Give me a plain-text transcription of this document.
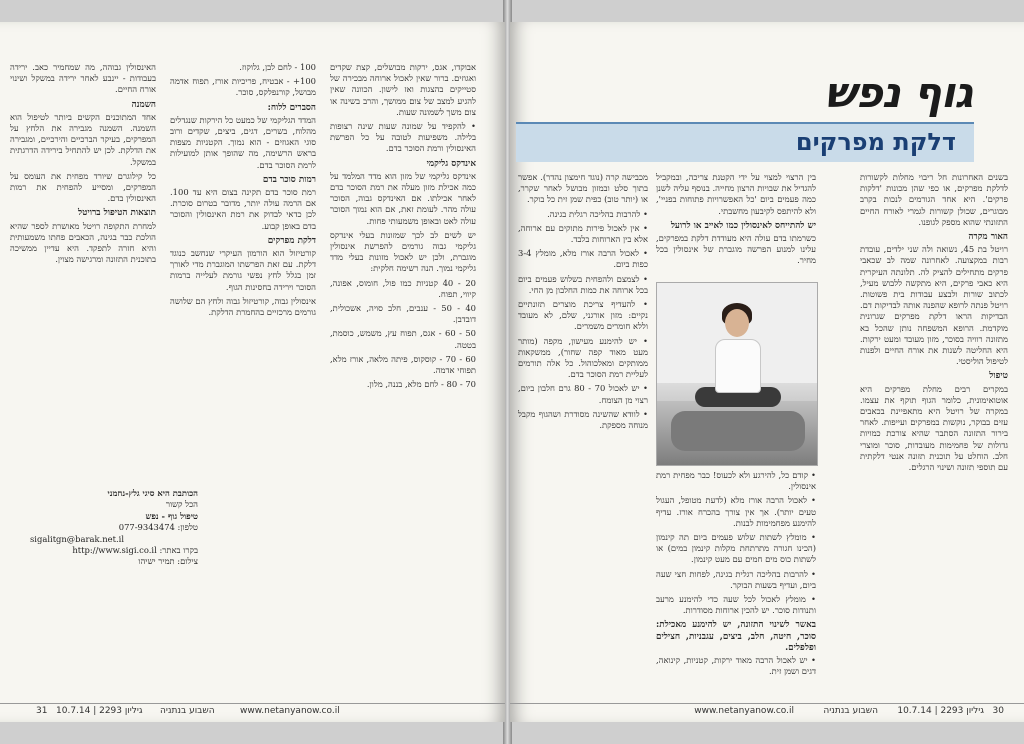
האינסולין גבוהה, מה שמחמיר כאב. ירידה בעבודות - יינבע לאחר ירידה במשקל ושינוי אורח החיים.

השמנה

אחד המתוכנים הקשים ביותר לטיפול הוא השמנה. השמנה מגבירה את הלחץ על המפרקים, בעיקר הברכיים והירכיים, ומגבירה את הדלקת. לכן יש להתחיל בירידה הדרגתית במשקל.

כל קילוגרם שיורד מפחית את העומס על המפרקים, ומסייע להפחית את רמות האינסולין בדם.

תוצאות הטיפול ברויטל

למחרת התקופה רויטל מאושרת לספר שהיא הולכת כבר בגינה, הכאבים פחתו משמעותית והיא חזרה לתפקד. היא עדיין ממשיכה בתוכנית התזונה ומרגישה מצוין.

100 - לחם לבן, גלוקוז.

100+ - אבטיח, פריכיות אורז, תפוח אדמה מבושל, קורנפלקס, סוכר.

הסברים ללוח:

המדד הגליקמי של כמעט כל הירקות שנגדלים מהלוח, בשרים, דגים, ביצים, שקדים ורוב סוגי האגוזים - הוא נמוך. הקטניות מצפות בראש הרשימה, מה שהופך אותן למועילות לרמת הסוכר בדם.

רמות סוכר בדם

רמת סוכר בדם תקינה בצום היא עד 100. אם הרמה עולה יותר, מדובר בטרום סוכרת. לכן כדאי לבדוק את רמת האינסולין והסוכר בדם באופן קבוע.

דלקת מפרקים

קורטיזול הוא הורמון העיקרי שנחשב כנוגד דלקת. עם זאת הפרשתו המוגברת מדי לאורך זמן בגלל לחץ נפשי גורמת לעלייה ברמות הסוכר וירידה בחסינות הגוף.

אינסולין גבוה, קורטיזול גבוה ולחץ הם שלושה גורמים מרכזיים בהחמרת הדלקת.

אבוקדו, אגס, ירקות מבושלים, קצת שקדים ואגוזים. ברור שאין לאכול ארוחה מבכירה של סטייקים בהצגות ואז לישון. הכוונה שאין להגיע למצב של צום ממושך, והרב בשינה או צום משך לשמונה שעות.

• להקפיד על שמונה שעות שינה רצופות בלילה. משפיעות לטובה על כל הפרשת האינסולין ורמת הסוכר בדם.

אינדקס גליקמי

אינדקס גליקמי של מזון הוא מדד המלמד על כמה אכילת מזון מעלה את רמת הסוכר בדם לאחר אכילתו. אם האינדקס גבוה, הסוכר עולה מהר. לעומת זאת, אם הוא נמוך הסוכר עולה לאט ובאופן משמעותי פחות.

יש לשים לב לכך שמזונות בעלי אינדקס גליקמי גבוה גורמים להפרשת אינסולין מוגברת, ולכן יש לאכול מזונות בעלי מדד גליקמי נמוך. הנה רשימה חלקית:

20 - 40 קטניות כמו פול, חומוס, אפונה, קיווי, תפוח.

40 - 50 - ענבים, חלב סויה, אשכולית, דובדבן.

50 - 60 - אגס, תפוח עץ, משמש, כוסמת, בטטה.

60 - 70 - קוסקוס, פיתה מלאה, אורז מלא, תפוחי אדמה.

70 - 80 - לחם מלא, בננה, מלון.

הכותבת היא סיגי גלץ-נחמני
הכל קשור
טיפול גוף - נפש
טלפון: 077-9343474
sigalitgn@barak.net.il
בקרו באתר: http://www.sigi.co.il
צילום: תמיר ישיהו
31 10.7.14 | גיליון 2293 השבוע בנתניה	www.netanyanow.co.il
גוף נפש
דלקת מפרקים

בשנים האחרונות חל ריבוי מחלות לקשורות לדלקת מפרקים, או כפי שהן מכונות 'דלקות פרקים'. היא אחד הגורמים לנכות בקרב מבוגרים, שכולן קשורות לגמרי לאורח החיים התזונתי שהוא מספק לגופנו.

האור מקרה

רויטל בת 45, נשואה ולה שני ילדים, עובדת רבות במקצועה. לאחרונה שמה לב שכאבי פרקים מתחילים להציק לה. תלונתה העיקרית היא כאבי פרקים, היא מתקשה ללבוש מעיל, לכתוב שורות ולבצע עבודות בית פשוטות. רויטל פנתה לרופא שהפנה אותה לבדיקות דם. הבדיקות הראו דלקת מפרקים שגרונית מוקדמת. הרופא המשפחה נותן שהכל בא מתזונה רוויה בסוכר, מזון מעובד ומעט ירקות. היא החליטה לשנות את אורח החיים ולפנות לטיפול הוליסטי.

טיפול

במקרים רבים מחלת מפרקים היא אוטואימונית, כלומר הגוף תוקף את עצמו. במקרה של רויטל היא מתאפיינת בכאבים עזים בבוקר, נוקשות במפרקים ועייפות. לאחר בירור התזונה הסתבר שהיא צורכת כמויות גדולות של פחמימות מעובדות, סוכר ומוצרי חלב. הוחלט על תוכנית תזונה אנטי דלקתית עם תוספי תזונה ושינוי הרגלים.

בין הרצוי למצוי על ידי הקטנת צריכה, ובמקביל להגדיל את שבויות הרצון מחייה. בנוסף עליה לשנן כמה פעמים ביום 'כל האפשרויות פתוחות בפניי', ולא להיתפס לקיבעון מחשבתי.

יש להתייחס לאינסולין כמו לאייב או לרועל

כשרמתו בדם עולה היא מעודדת דלקת במפרקים, עלינו למנוע הפרשה מוגברת של אינסולין בכל מחיר.

• קודם כל, להירגע ולא לכעוס! כבר מפחית רמת אינסולין.

• לאכול הרבה אורז מלא (לדעת מטופל, העגול טעים יותר). אך אין צורך בהכרח אורז. עדיף להימנע מפחמימות לבנות.

• מומלץ לשתות שלוש פעמים ביום תה קינמון (הכינו חגורה מתרתחת מקלות קינמון במים) או לשתות כוס מים חמים עם מעט קינמון.

• להרבות בהליכה רגלית בגינה, לפחות חצי שעה ביום, ועדיף בשעות הבוקר.

• מומלץ לאכול לכל שעה כדי להימנע מרעב ותנודות סוכר. יש להכין ארוחות מסודרות.

באשר לשינוי התזונה, יש להימנע מאכילת: סוכר, חיטה, חלב, ביצים, עגבניות, חצילים ופלפלים.

• יש לאכול הרבה מאוד ירקות, קטניות, קינואה, דגים ושמן זית.

מכבישה קרה (נוגד חימצון נהדר). אפשר בתוך סלט ובמזון מבושל לאחר שקרר, או (יותר טוב) כפית שמן זית כל בוקר.

• להרבות בהליכה רגלית בגינה.

• אין לאכול פירות מתוקים עם ארוחה, אלא בין הארוחות בלבד.

• לאכול הרבה אורז מלא, מומלץ 3-4 כפות ביום.

• לצמצם ולהפחית בשלוש פעמים ביום בכל ארוחה את כמות החלבון מן החי.

• להעדיף צריכת מוצרים תזונתיים נקיים: מזון אורגני, שלם, לא מעובד וללא חומרים משמרים.

• יש להימנע מעישון, מקפה (מותר מעט מאוד קפה שחור), ממשקאות ממותקים ומאלכוהול. כל אלה תורמים לעליית רמת הסוכר בדם.

• יש לאכול 70 - 80 גרם חלבון ביום, רצוי מן הצומח.

• לוודא שהשינה מסודרת ושהגוף מקבל מנוחה מספקת.

30
10.7.14 | גיליון 2293
השבוע בנתניה
www.netanyanow.co.il
